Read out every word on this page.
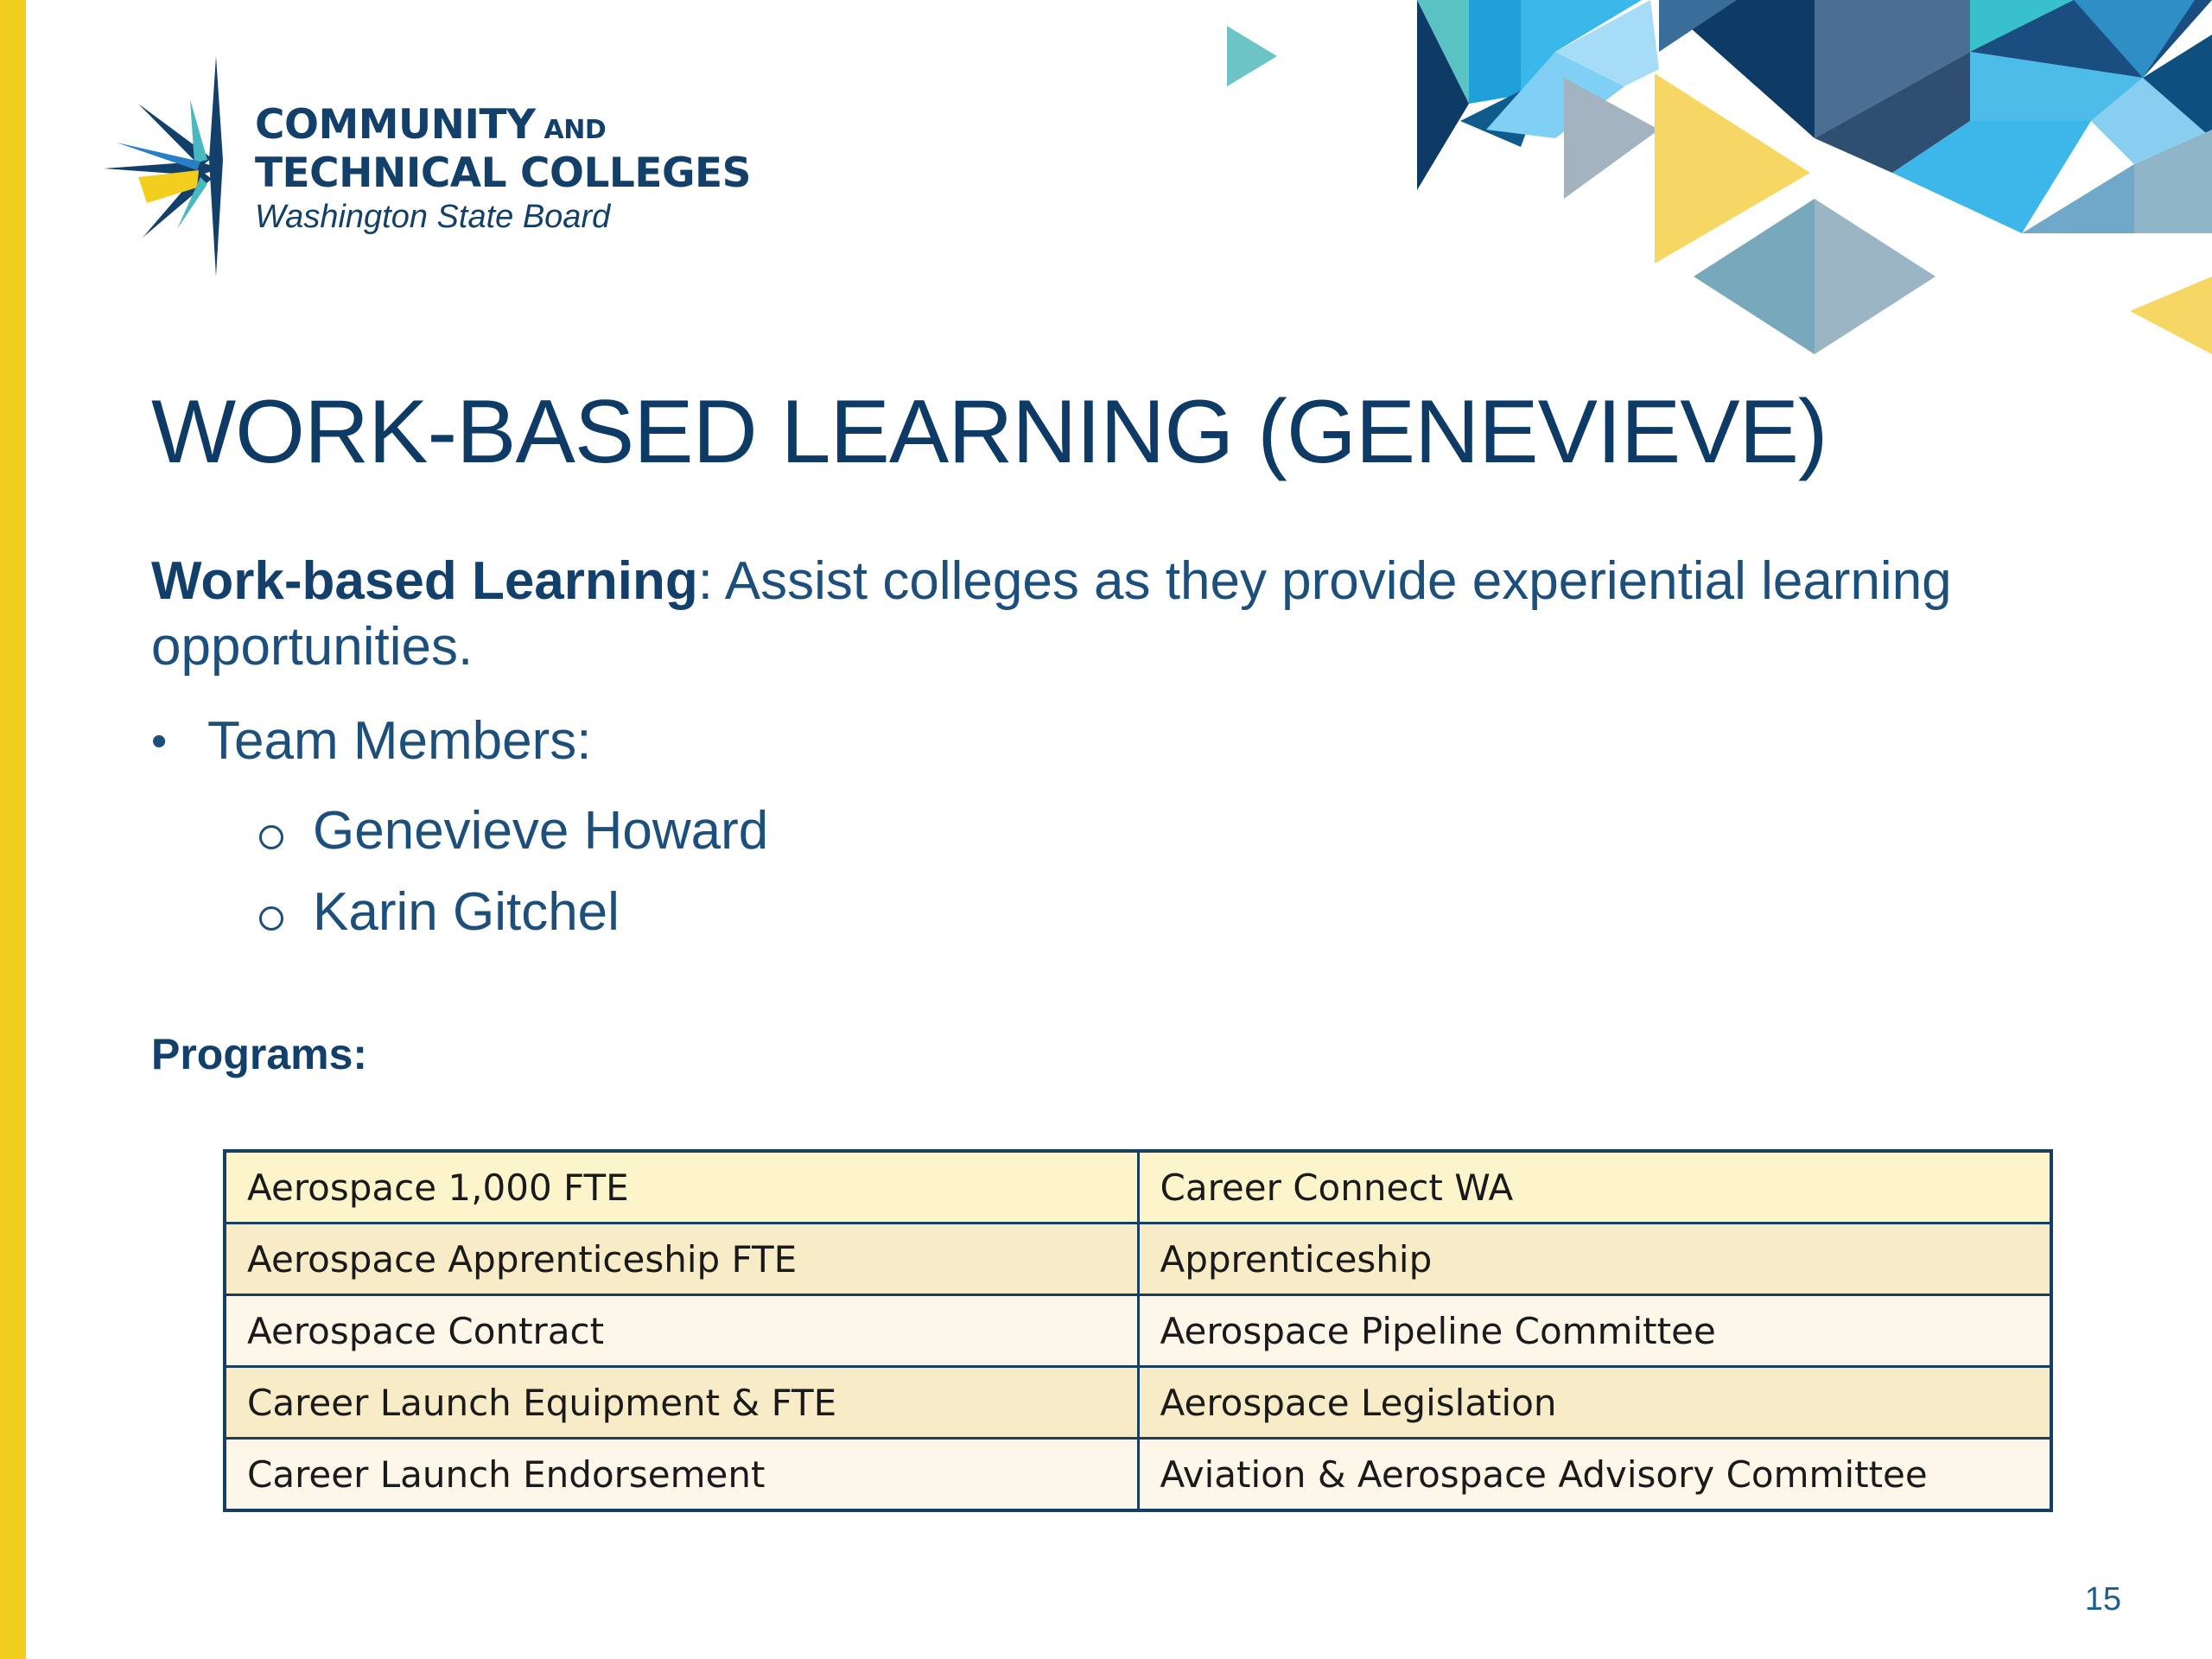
COMMUNITY AND
TECHNICAL COLLEGES
Washington State Board
WORK-BASED LEARNING (GENEVIEVE)
Work-based Learning: Assist colleges as they provide experiential learning opportunities.
• Team Members:
Genevieve Howard
Karin Gitchel
Programs:
Aerospace 1,000 FTE	Career Connect WA
Aerospace Apprenticeship FTE	Apprenticeship
Aerospace Contract	Aerospace Pipeline Committee
Career Launch Equipment & FTE	Aerospace Legislation
Career Launch Endorsement	Aviation & Aerospace Advisory Committee
15
